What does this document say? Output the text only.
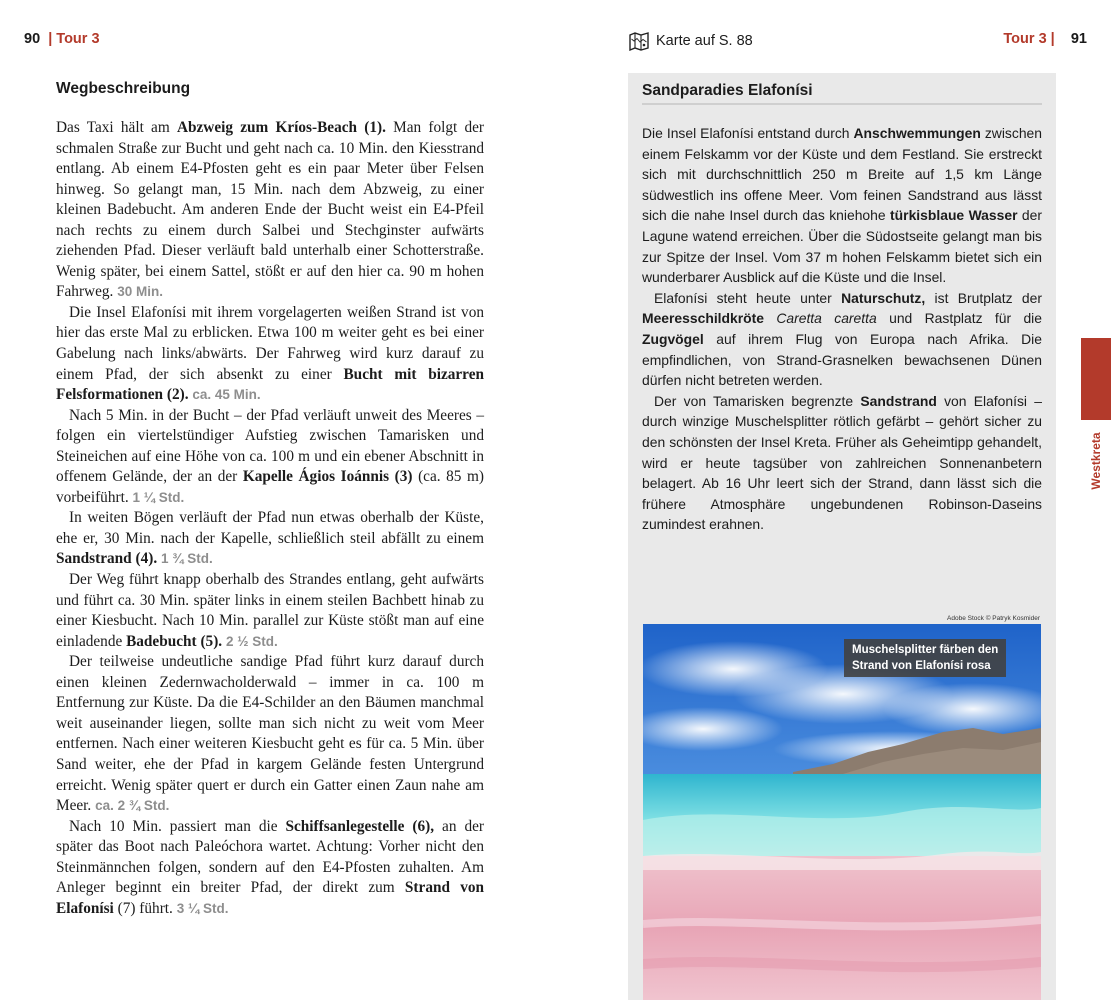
90 | Tour 3	Karte auf S. 88	Tour 3 | 91
Wegbeschreibung

Das Taxi hält am Abzweig zum Kríos-Beach (1). Man folgt der schmalen Straße zur Bucht und geht nach ca. 10 Min. den Kiesstrand entlang. Ab einem E4-Pfosten geht es ein paar Meter über Felsen hinweg. So gelangt man, 15 Min. nach dem Abzweig, zu einer kleinen Badebucht. Am anderen Ende der Bucht weist ein E4-Pfeil nach rechts zu einem durch Salbei und Stechginster aufwärts ziehenden Pfad. Dieser verläuft bald unterhalb einer Schotterstraße. Wenig später, bei einem Sattel, stößt er auf den hier ca. 90 m hohen Fahrweg. 30 Min.

Die Insel Elafonísi mit ihrem vorgelagerten weißen Strand ist von hier das erste Mal zu erblicken. Etwa 100 m weiter geht es bei einer Gabelung nach links/abwärts. Der Fahrweg wird kurz darauf zu einem Pfad, der sich absenkt zu einer Bucht mit bizarren Felsformationen (2). ca. 45 Min.

Nach 5 Min. in der Bucht – der Pfad verläuft unweit des Meeres – folgen ein viertelstündiger Aufstieg zwischen Tamarisken und Steineichen auf eine Höhe von ca. 100 m und ein ebener Abschnitt in offenem Gelände, der an der Kapelle Ágios Ioánnis (3) (ca. 85 m) vorbeiführt. 1 ¼ Std.

In weiten Bögen verläuft der Pfad nun etwas oberhalb der Küste, ehe er, 30 Min. nach der Kapelle, schließlich steil abfällt zu einem Sandstrand (4). 1 ¾ Std.

Der Weg führt knapp oberhalb des Strandes entlang, geht aufwärts und führt ca. 30 Min. später links in einem steilen Bachbett hinab zu einer Kiesbucht. Nach 10 Min. parallel zur Küste stößt man auf eine einladende Badebucht (5). 2 ½ Std.

Der teilweise undeutliche sandige Pfad führt kurz darauf durch einen kleinen Zedernwacholderwald – immer in ca. 100 m Entfernung zur Küste. Da die E4-Schilder an den Bäumen manchmal weit auseinander liegen, sollte man sich nicht zu weit vom Meer entfernen. Nach einer weiteren Kiesbucht geht es für ca. 5 Min. über Sand weiter, ehe der Pfad in kargem Gelände festen Untergrund erreicht. Wenig später quert er durch ein Gatter einen Zaun nahe am Meer. ca. 2 ¾ Std.

Nach 10 Min. passiert man die Schiffsanlegestelle (6), an der später das Boot nach Paleóchora wartet. Achtung: Vorher nicht den Steinmännchen folgen, sondern auf den E4-Pfosten zuhalten. Am Anleger beginnt ein breiter Pfad, der direkt zum Strand von Elafonísi (7) führt. 3 ¼ Std.

Sandparadies Elafonísi

Die Insel Elafonísi entstand durch Anschwemmungen zwischen einem Felskamm vor der Küste und dem Festland. Sie erstreckt sich mit durchschnittlich 250 m Breite auf 1,5 km Länge südwestlich ins offene Meer. Vom feinen Sandstrand aus lässt sich die nahe Insel durch das kniehohe türkisblaue Wasser der Lagune watend erreichen. Über die Südostseite gelangt man bis zur Spitze der Insel. Vom 37 m hohen Felskamm bietet sich ein wunderbarer Ausblick auf die Küste und die Insel.

Elafonísi steht heute unter Naturschutz, ist Brutplatz der Meeresschildkröte Caretta caretta und Rastplatz für die Zugvögel auf ihrem Flug von Europa nach Afrika. Die empfindlichen, von Strand-Grasnelken bewachsenen Dünen dürfen nicht betreten werden.

Der von Tamarisken begrenzte Sandstrand von Elafonísi – durch winzige Muschelsplitter rötlich gefärbt – gehört sicher zu den schönsten der Insel Kreta. Früher als Geheimtipp gehandelt, wird er heute tagsüber von zahlreichen Sonnenanbetern belagert. Ab 16 Uhr leert sich der Strand, dann lässt sich die frühere Atmosphäre ungebundenen Robinson-Daseins zumindest erahnen.

Adobe Stock © Patryk Kosmider
Muschelsplitter färben den
Strand von Elafonísi rosa
Westkreta
